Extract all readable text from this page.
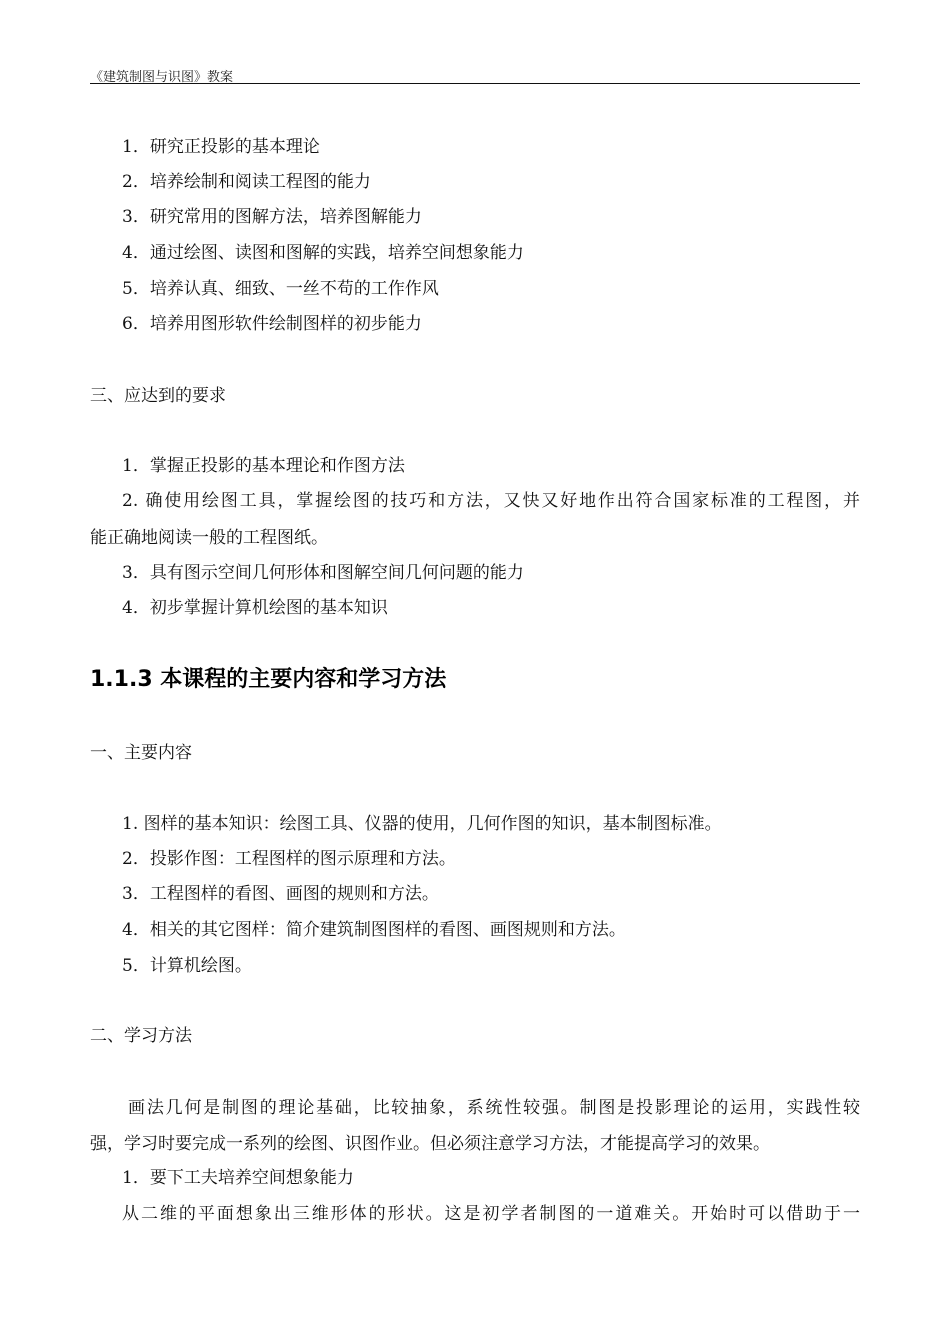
《建筑制图与识图》教案
1．研究正投影的基本理论
2．培养绘制和阅读工程图的能力
3．研究常用的图解方法，培养图解能力
4．通过绘图、读图和图解的实践，培养空间想象能力
5．培养认真、细致、一丝不苟的工作作风
6．培养用图形软件绘制图样的初步能力
三、应达到的要求
1．掌握正投影的基本理论和作图方法
2. 确使用绘图工具，掌握绘图的技巧和方法，又快又好地作出符合国家标准的工程图，并
能正确地阅读一般的工程图纸。
3．具有图示空间几何形体和图解空间几何问题的能力
4．初步掌握计算机绘图的基本知识
1.1.3 本课程的主要内容和学习方法
一、主要内容
1. 图样的基本知识：绘图工具、仪器的使用，几何作图的知识，基本制图标准。
2．投影作图：工程图样的图示原理和方法。
3．工程图样的看图、画图的规则和方法。
4．相关的其它图样：简介建筑制图图样的看图、画图规则和方法。
5．计算机绘图。
二、学习方法
画法几何是制图的理论基础，比较抽象，系统性较强。制图是投影理论的运用，实践性较
强，学习时要完成一系列的绘图、识图作业。但必须注意学习方法，才能提高学习的效果。
1．要下工夫培养空间想象能力
从二维的平面想象出三维形体的形状。这是初学者制图的一道难关。开始时可以借助于一
